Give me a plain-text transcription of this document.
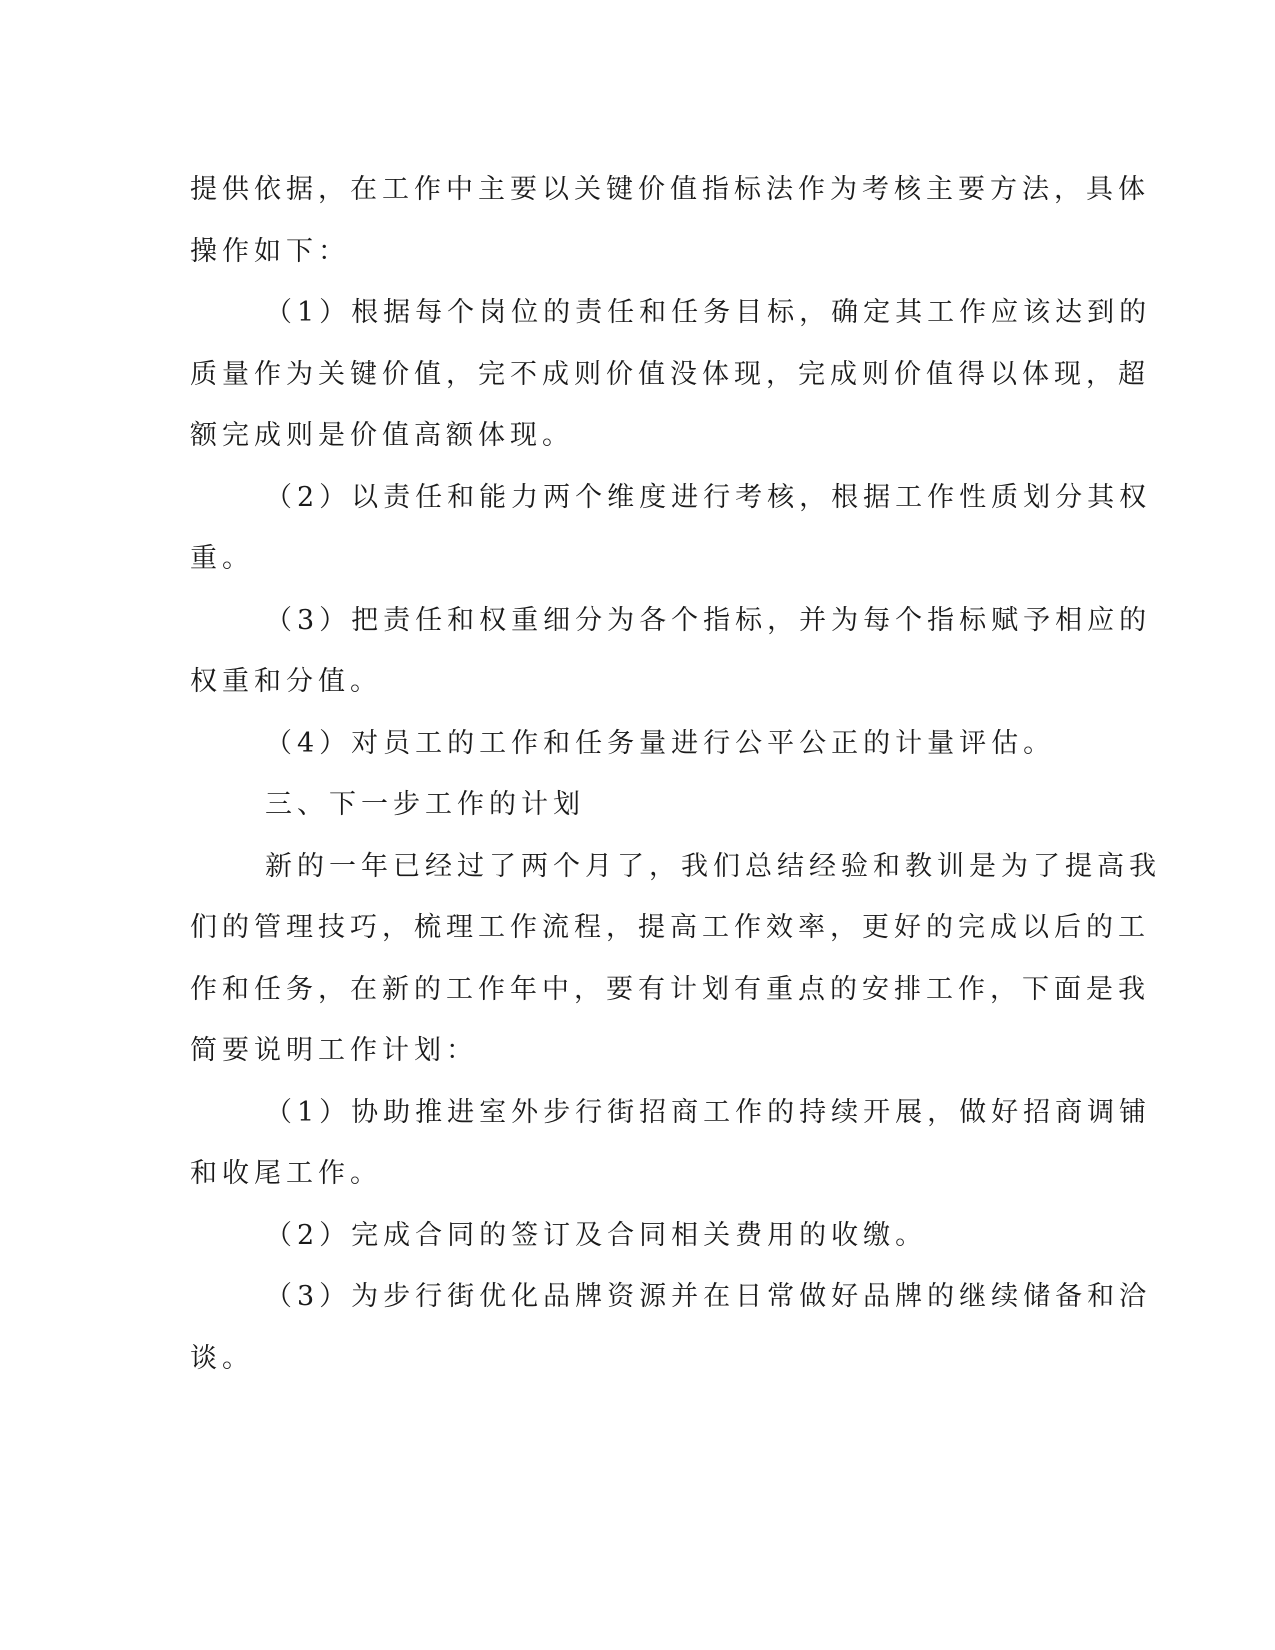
提供依据，在工作中主要以关键价值指标法作为考核主要方法，具体

操作如下：

（1）根据每个岗位的责任和任务目标，确定其工作应该达到的

质量作为关键价值，完不成则价值没体现，完成则价值得以体现，超

额完成则是价值高额体现。

（2）以责任和能力两个维度进行考核，根据工作性质划分其权

重。

（3）把责任和权重细分为各个指标，并为每个指标赋予相应的

权重和分值。

（4）对员工的工作和任务量进行公平公正的计量评估。

三、下一步工作的计划

新的一年已经过了两个月了，我们总结经验和教训是为了提高我

们的管理技巧，梳理工作流程，提高工作效率，更好的完成以后的工

作和任务，在新的工作年中，要有计划有重点的安排工作，下面是我

简要说明工作计划：

（1）协助推进室外步行街招商工作的持续开展，做好招商调铺

和收尾工作。

（2）完成合同的签订及合同相关费用的收缴。

（3）为步行街优化品牌资源并在日常做好品牌的继续储备和洽

谈。
